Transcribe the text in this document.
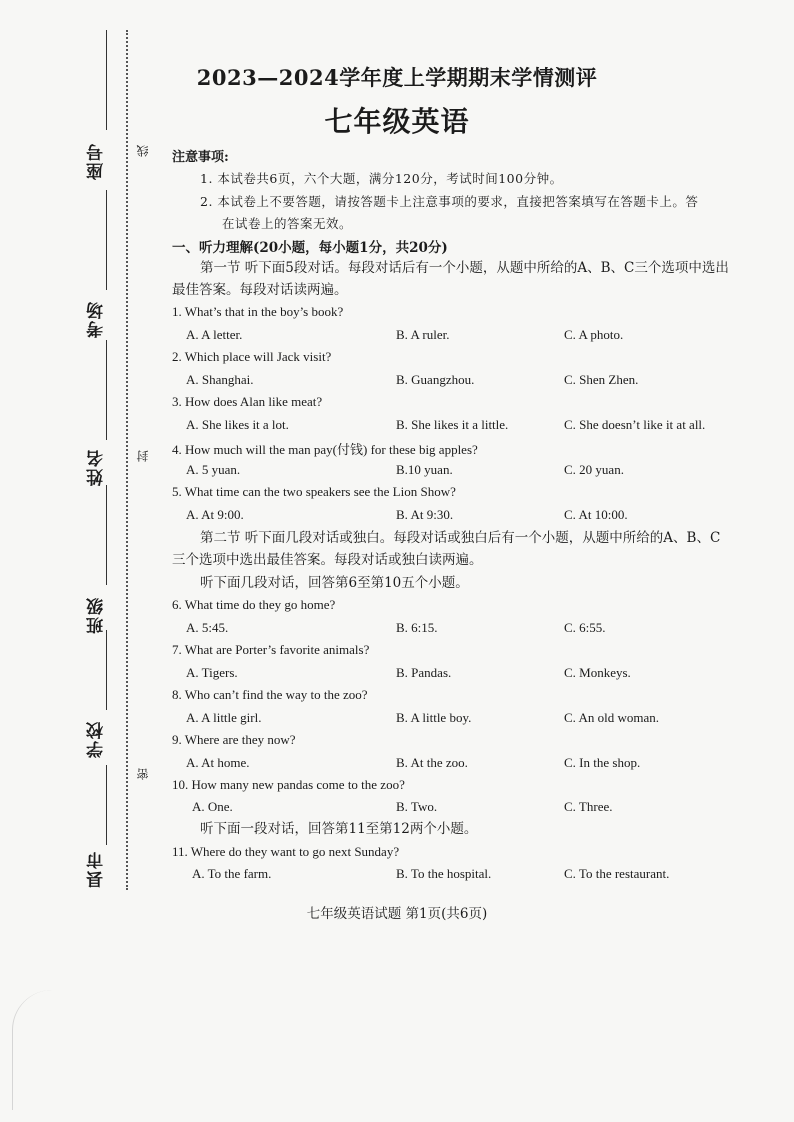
座号
考场
姓名
班级
学校
县市
线
封
密
2023—2024学年度上学期期末学情测评
七年级英语
注意事项:
1. 本试卷共6页，六个大题，满分120分，考试时间100分钟。
2. 本试卷上不要答题，请按答题卡上注意事项的要求，直接把答案填写在答题卡上。答
在试卷上的答案无效。
一、听力理解(20小题，每小题1分，共20分)
第一节 听下面5段对话。每段对话后有一个小题，从题中所给的A、B、C三个选项中选出
最佳答案。每段对话读两遍。
1. What’s that in the boy’s book?
A. A letter.	B. A ruler.	C. A photo.
2. Which place will Jack visit?
A. Shanghai.	B. Guangzhou.	C. Shen Zhen.
3. How does Alan like meat?
A. She likes it a lot.	B. She likes it a little.	C. She doesn’t like it at all.
4. How much will the man pay(付钱) for these big apples?
A. 5 yuan.	B.10 yuan.	C. 20 yuan.
5. What time can the two speakers see the Lion Show?
A. At 9:00.	B. At 9:30.	C. At 10:00.
第二节 听下面几段对话或独白。每段对话或独白后有一个小题，从题中所给的A、B、C
三个选项中选出最佳答案。每段对话或独白读两遍。
听下面几段对话，回答第6至第10五个小题。
6. What time do they go home?
A. 5:45.	B. 6:15.	C. 6:55.
7. What are Porter’s favorite animals?
A. Tigers.	B. Pandas.	C. Monkeys.
8. Who can’t find the way to the zoo?
A. A little girl.	B. A little boy.	C. An old woman.
9. Where are they now?
A. At home.	B. At the zoo.	C. In the shop.
10. How many new pandas come to the zoo?
A. One.	B. Two.	C. Three.
听下面一段对话，回答第11至第12两个小题。
11. Where do they want to go next Sunday?
A. To the farm.	B. To the hospital.	C. To the restaurant.
七年级英语试题 第1页(共6页)
